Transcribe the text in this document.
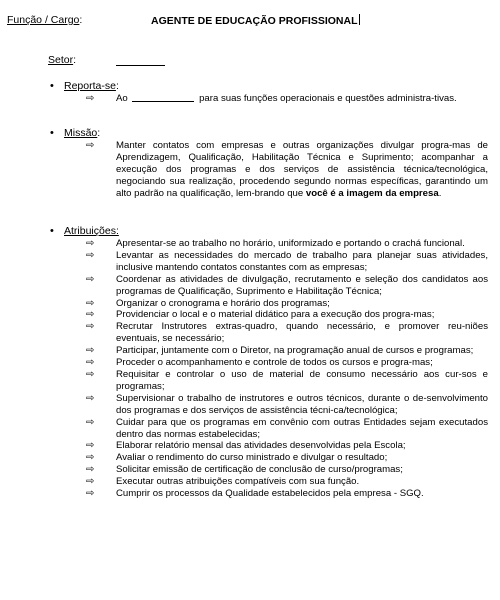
Função / Cargo:	AGENTE DE EDUCAÇÃO PROFISSIONAL
Setor:
• Reporta-se:
⇨ Ao	para suas funções operacionais e questões administra-tivas.
• Missão:
⇨ Manter contatos com empresas e outras organizações divulgar progra-mas de Aprendizagem, Qualificação, Habilitação Técnica e Suprimento; acompanhar a execução dos programas e dos serviços de assistência técnica/tecnológica, negociando sua realização, procedendo segundo normas específicas, garantindo um alto padrão na qualificação, lem-brando que você é a imagem da empresa.
• Atribuições:
⇨ Apresentar-se ao trabalho no horário, uniformizado e portando o crachá funcional.
⇨ Levantar as necessidades do mercado de trabalho para planejar suas atividades, inclusive mantendo contatos constantes com as empresas;
⇨ Coordenar as atividades de divulgação, recrutamento e seleção dos candidatos aos programas de Qualificação, Suprimento e Habilitação Técnica;
⇨ Organizar o cronograma e horário dos programas;
⇨ Providenciar o local e o material didático para a execução dos progra-mas;
⇨ Recrutar Instrutores extras-quadro, quando necessário, e promover reu-niões eventuais, se necessário;
⇨ Participar, juntamente com o Diretor, na programação anual de cursos e programas;
⇨ Proceder o acompanhamento e controle de todos os cursos e progra-mas;
⇨ Requisitar e controlar o uso de material de consumo necessário aos cur-sos e programas;
⇨ Supervisionar o trabalho de instrutores e outros técnicos, durante o de-senvolvimento dos programas e dos serviços de assistência técni-ca/tecnológica;
⇨ Cuidar para que os programas em convênio com outras Entidades sejam executados dentro das normas estabelecidas;
⇨ Elaborar relatório mensal das atividades desenvolvidas pela Escola;
⇨ Avaliar o rendimento do curso ministrado e divulgar o resultado;
⇨ Solicitar emissão de certificação de conclusão de curso/programas;
⇨ Executar outras atribuições compatíveis com sua função.
⇨ Cumprir os processos da Qualidade estabelecidos pela empresa - SGQ.
